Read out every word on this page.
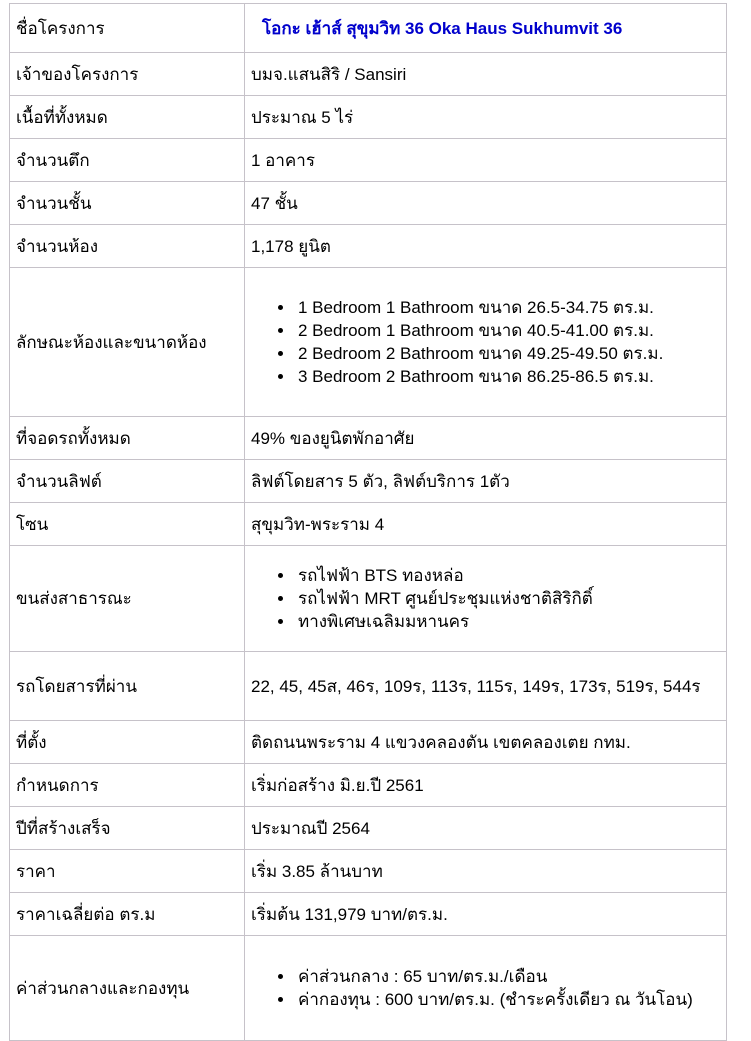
ชื่อโครงการ	โอกะ เฮ้าส์ สุขุมวิท 36 Oka Haus Sukhumvit 36

เจ้าของโครงการ	บมจ.แสนสิริ / Sansiri

เนื้อที่ทั้งหมด	ประมาณ 5 ไร่

จำนวนตึก	1 อาคาร

จำนวนชั้น	47 ชั้น

จำนวนห้อง	1,178 ยูนิต

ลักษณะห้องและขนาดห้อง	
• 1 Bedroom 1 Bathroom ขนาด 26.5-34.75 ตร.ม.
• 2 Bedroom 1 Bathroom ขนาด 40.5-41.00 ตร.ม.
• 2 Bedroom 2 Bathroom ขนาด 49.25-49.50 ตร.ม.
• 3 Bedroom 2 Bathroom ขนาด 86.25-86.5 ตร.ม.

ที่จอดรถทั้งหมด	49% ของยูนิตพักอาศัย

จำนวนลิฟต์	ลิฟต์โดยสาร 5 ตัว, ลิฟต์บริการ 1ตัว

โซน	สุขุมวิท-พระราม 4

ขนส่งสาธารณะ	
• รถไฟฟ้า BTS ทองหล่อ
• รถไฟฟ้า MRT ศูนย์ประชุมแห่งชาติสิริกิติ์
• ทางพิเศษเฉลิมมหานคร

รถโดยสารที่ผ่าน	22, 45, 45ส, 46ร, 109ร, 113ร, 115ร, 149ร, 173ร, 519ร, 544ร

ที่ตั้ง	ติดถนนพระราม 4 แขวงคลองตัน เขตคลองเตย กทม.

กำหนดการ	เริ่มก่อสร้าง มิ.ย.ปี 2561

ปีที่สร้างเสร็จ	ประมาณปี 2564

ราคา	เริ่ม 3.85 ล้านบาท

ราคาเฉลี่ยต่อ ตร.ม	เริ่มต้น 131,979 บาท/ตร.ม.

ค่าส่วนกลางและกองทุน	
• ค่าส่วนกลาง : 65 บาท/ตร.ม./เดือน
• ค่ากองทุน : 600 บาท/ตร.ม. (ชำระครั้งเดียว ณ วันโอน)
